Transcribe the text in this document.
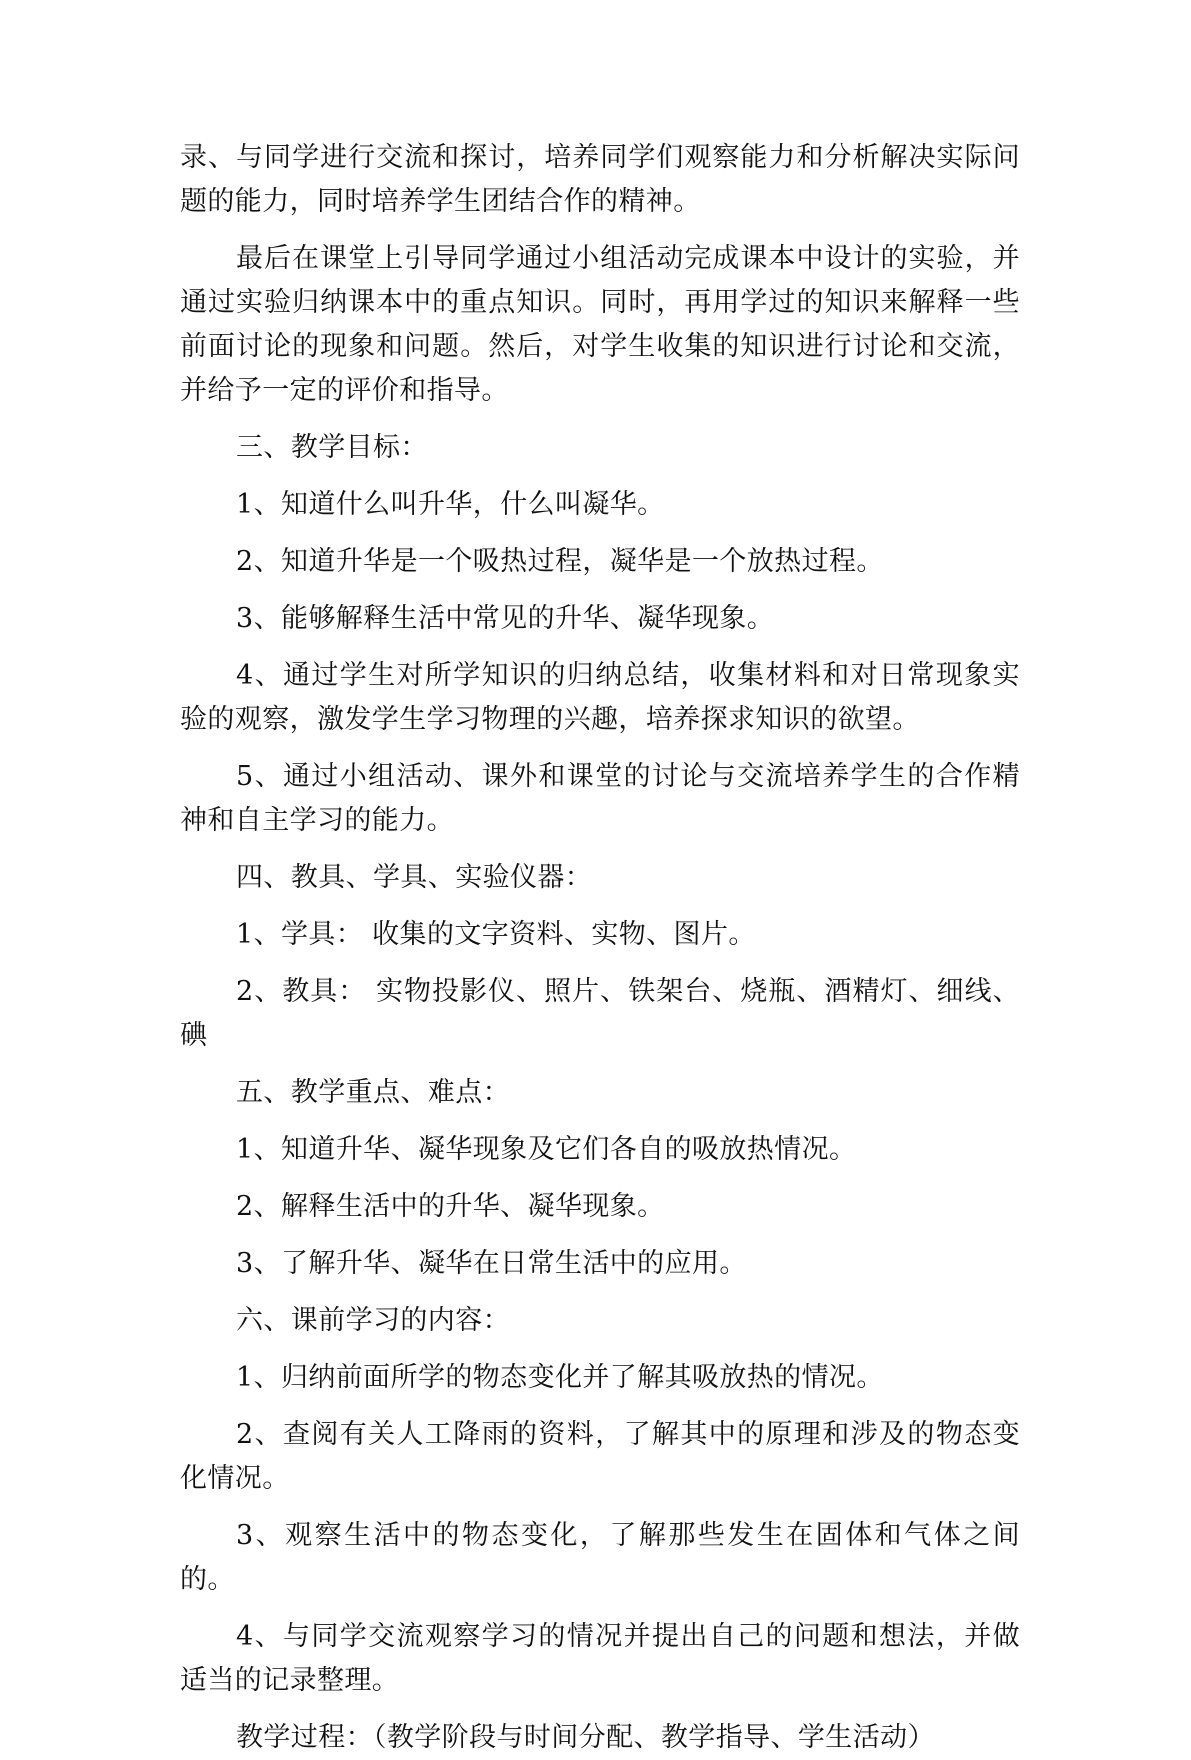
录、与同学进行交流和探讨，培养同学们观察能力和分析解决实际问题的能力，同时培养学生团结合作的精神。

最后在课堂上引导同学通过小组活动完成课本中设计的实验，并通过实验归纳课本中的重点知识。同时，再用学过的知识来解释一些前面讨论的现象和问题。然后，对学生收集的知识进行讨论和交流，并给予一定的评价和指导。

三、教学目标：

1、知道什么叫升华，什么叫凝华。

2、知道升华是一个吸热过程，凝华是一个放热过程。

3、能够解释生活中常见的升华、凝华现象。

4、通过学生对所学知识的归纳总结，收集材料和对日常现象实验的观察，激发学生学习物理的兴趣，培养探求知识的欲望。

5、通过小组活动、课外和课堂的讨论与交流培养学生的合作精神和自主学习的能力。

四、教具、学具、实验仪器：

1、学具： 收集的文字资料、实物、图片。

2、教具： 实物投影仪、照片、铁架台、烧瓶、酒精灯、细线、碘

五、教学重点、难点：

1、知道升华、凝华现象及它们各自的吸放热情况。

2、解释生活中的升华、凝华现象。

3、了解升华、凝华在日常生活中的应用。

六、课前学习的内容：

1、归纳前面所学的物态变化并了解其吸放热的情况。

2、查阅有关人工降雨的资料，了解其中的原理和涉及的物态变化情况。

3、观察生活中的物态变化，了解那些发生在固体和气体之间的。

4、与同学交流观察学习的情况并提出自己的问题和想法，并做适当的记录整理。

教学过程：（教学阶段与时间分配、教学指导、学生活动）
